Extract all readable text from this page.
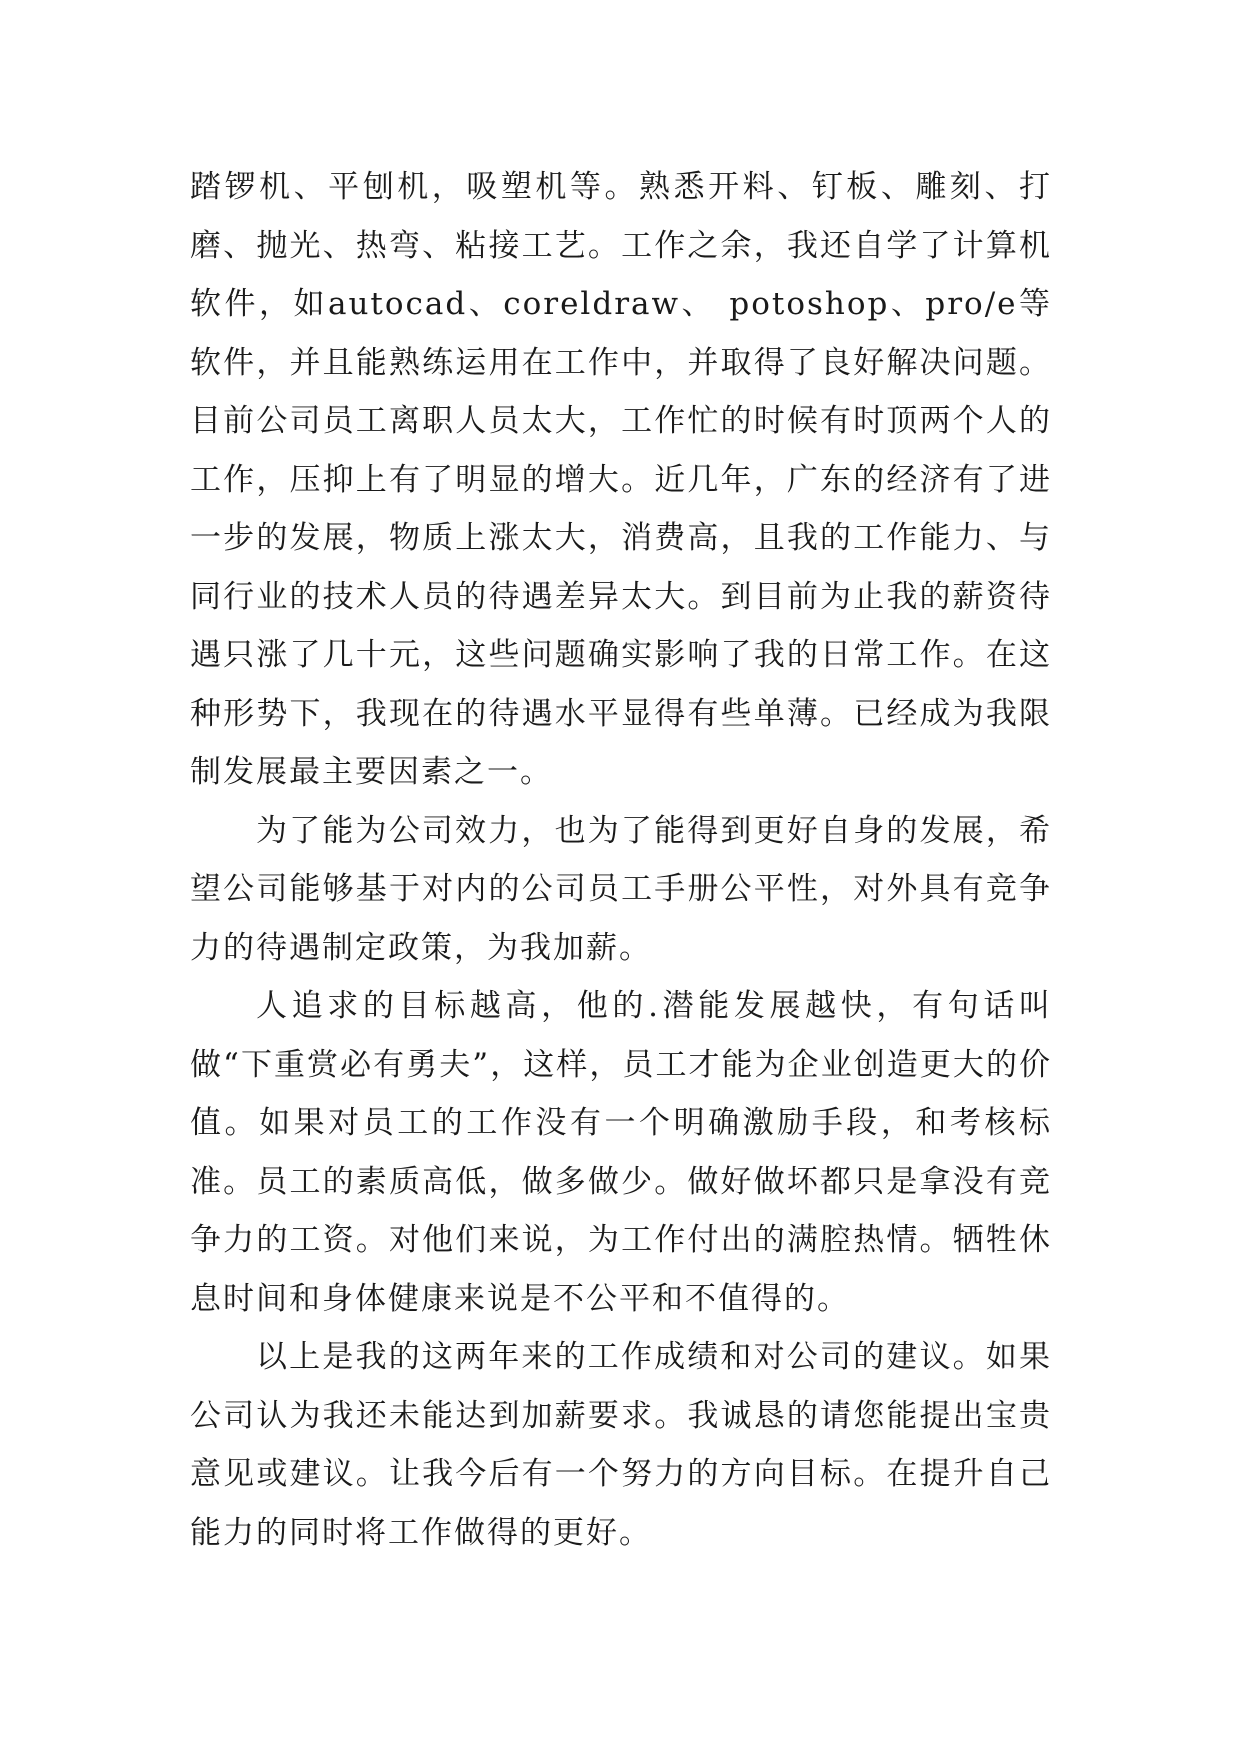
踏锣机、平刨机，吸塑机等。熟悉开料、钉板、雕刻、打磨、抛光、热弯、粘接工艺。工作之余，我还自学了计算机软件，如autocad、coreldraw、 potoshop、pro/e等软件，并且能熟练运用在工作中，并取得了良好解决问题。目前公司员工离职人员太大，工作忙的时候有时顶两个人的工作，压抑上有了明显的增大。近几年，广东的经济有了进一步的发展，物质上涨太大，消费高，且我的工作能力、与同行业的技术人员的待遇差异太大。到目前为止我的薪资待遇只涨了几十元，这些问题确实影响了我的日常工作。在这种形势下，我现在的待遇水平显得有些单薄。已经成为我限制发展最主要因素之一。

为了能为公司效力，也为了能得到更好自身的发展，希望公司能够基于对内的公司员工手册公平性，对外具有竞争力的待遇制定政策，为我加薪。

人追求的目标越高，他的.潜能发展越快，有句话叫做“下重赏必有勇夫”，这样，员工才能为企业创造更大的价值。如果对员工的工作没有一个明确激励手段，和考核标准。员工的素质高低，做多做少。做好做坏都只是拿没有竞争力的工资。对他们来说，为工作付出的满腔热情。牺牲休息时间和身体健康来说是不公平和不值得的。

以上是我的这两年来的工作成绩和对公司的建议。如果公司认为我还未能达到加薪要求。我诚恳的请您能提出宝贵意见或建议。让我今后有一个努力的方向目标。在提升自己能力的同时将工作做得的更好。
